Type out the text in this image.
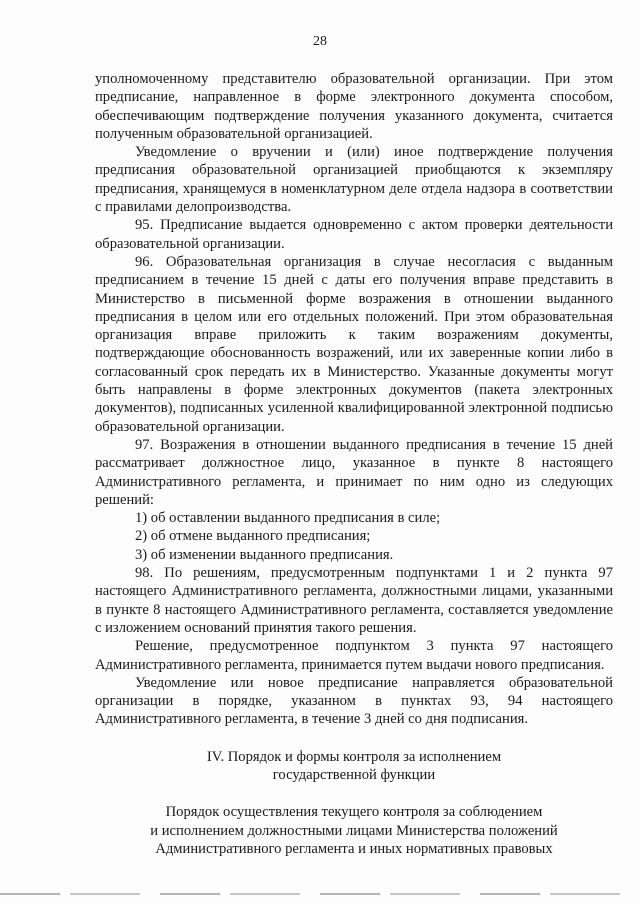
28

уполномоченному представителю образовательной организации. При этом предписание, направленное в форме электронного документа способом, обеспечивающим подтверждение получения указанного документа, считается полученным образовательной организацией.

Уведомление о вручении и (или) иное подтверждение получения предписания образовательной организацией приобщаются к экземпляру предписания, хранящемуся в номенклатурном деле отдела надзора в соответствии с правилами делопроизводства.

95. Предписание выдается одновременно с актом проверки деятельности образовательной организации.

96. Образовательная организация в случае несогласия с выданным предписанием в течение 15 дней с даты его получения вправе представить в Министерство в письменной форме возражения в отношении выданного предписания в целом или его отдельных положений. При этом образовательная организация вправе приложить к таким возражениям документы, подтверждающие обоснованность возражений, или их заверенные копии либо в согласованный срок передать их в Министерство. Указанные документы могут быть направлены в форме электронных документов (пакета электронных документов), подписанных усиленной квалифицированной электронной подписью образовательной организации.

97. Возражения в отношении выданного предписания в течение 15 дней рассматривает должностное лицо, указанное в пункте 8 настоящего Административного регламента, и принимает по ним одно из следующих решений:

1) об оставлении выданного предписания в силе;

2) об отмене выданного предписания;

3) об изменении выданного предписания.

98. По решениям, предусмотренным подпунктами 1 и 2 пункта 97 настоящего Административного регламента, должностными лицами, указанными в пункте 8 настоящего Административного регламента, составляется уведомление с изложением оснований принятия такого решения.

Решение, предусмотренное подпунктом 3 пункта 97 настоящего Административного регламента, принимается путем выдачи нового предписания.

Уведомление или новое предписание направляется образовательной организации в порядке, указанном в пунктах 93, 94 настоящего Административного регламента, в течение 3 дней со дня подписания.

IV. Порядок и формы контроля за исполнением
государственной функции

Порядок осуществления текущего контроля за соблюдением
и исполнением должностными лицами Министерства положений
Административного регламента и иных нормативных правовых
